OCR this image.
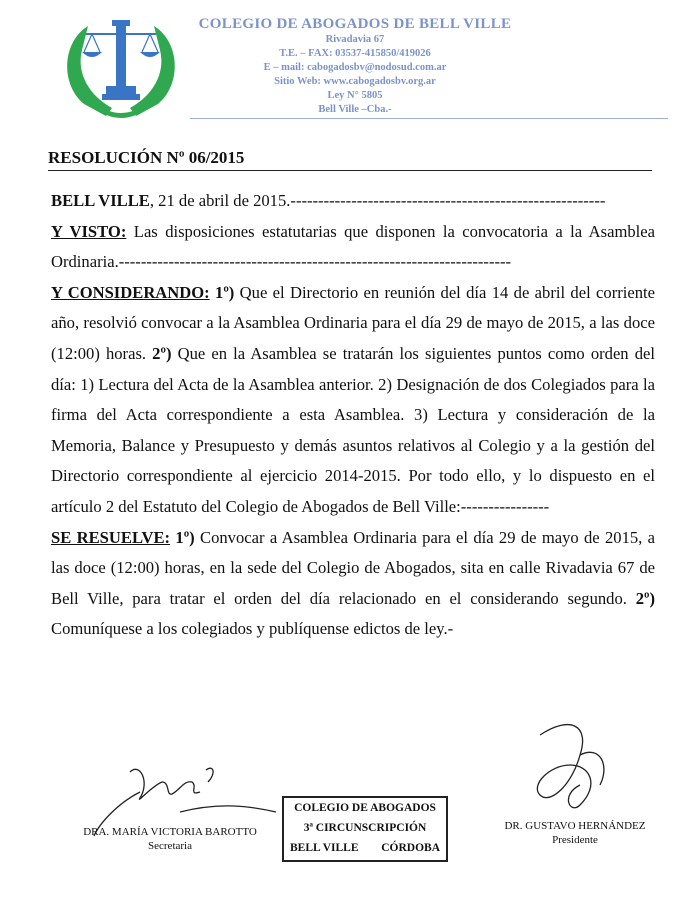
COLEGIO DE ABOGADOS DE BELL VILLE
Rivadavia 67
T.E. – FAX: 03537-415850/419026
E – mail: cabogadosbv@nodosud.com.ar
Sitio Web: www.cabogadosbv.org.ar
Ley N° 5805
Bell Ville –Cba.-
RESOLUCIÓN Nº 06/2015

BELL VILLE, 21 de abril de 2015.---------------------------------------------------------

Y VISTO: Las disposiciones estatutarias que disponen la convocatoria a la Asamblea Ordinaria.-----------------------------------------------------------------------

Y CONSIDERANDO: 1º) Que el Directorio en reunión del día 14 de abril del corriente año, resolvió convocar a la Asamblea Ordinaria para el día 29 de mayo de 2015, a las doce (12:00) horas. 2º) Que en la Asamblea se tratarán los siguientes puntos como orden del día: 1) Lectura del Acta de la Asamblea anterior. 2) Designación de dos Colegiados para la firma del Acta correspondiente a esta Asamblea. 3) Lectura y consideración de la Memoria, Balance y Presupuesto y demás asuntos relativos al Colegio y a la gestión del Directorio correspondiente al ejercicio 2014-2015. Por todo ello, y lo dispuesto en el artículo 2 del Estatuto del Colegio de Abogados de Bell Ville:----------------

SE RESUELVE: 1º) Convocar a Asamblea Ordinaria para el día 29 de mayo de 2015, a las doce (12:00) horas, en la sede del Colegio de Abogados, sita en calle Rivadavia 67 de Bell Ville, para tratar el orden del día relacionado en el considerando segundo. 2º) Comuníquese a los colegiados y publíquense edictos de ley.-

DRA. MARÍA VICTORIA BAROTTO
Secretaria
COLEGIO DE ABOGADOS
3ª CIRCUNSCRIPCIÓN
BELL VILLE CÓRDOBA
DR. GUSTAVO HERNÁNDEZ
Presidente
